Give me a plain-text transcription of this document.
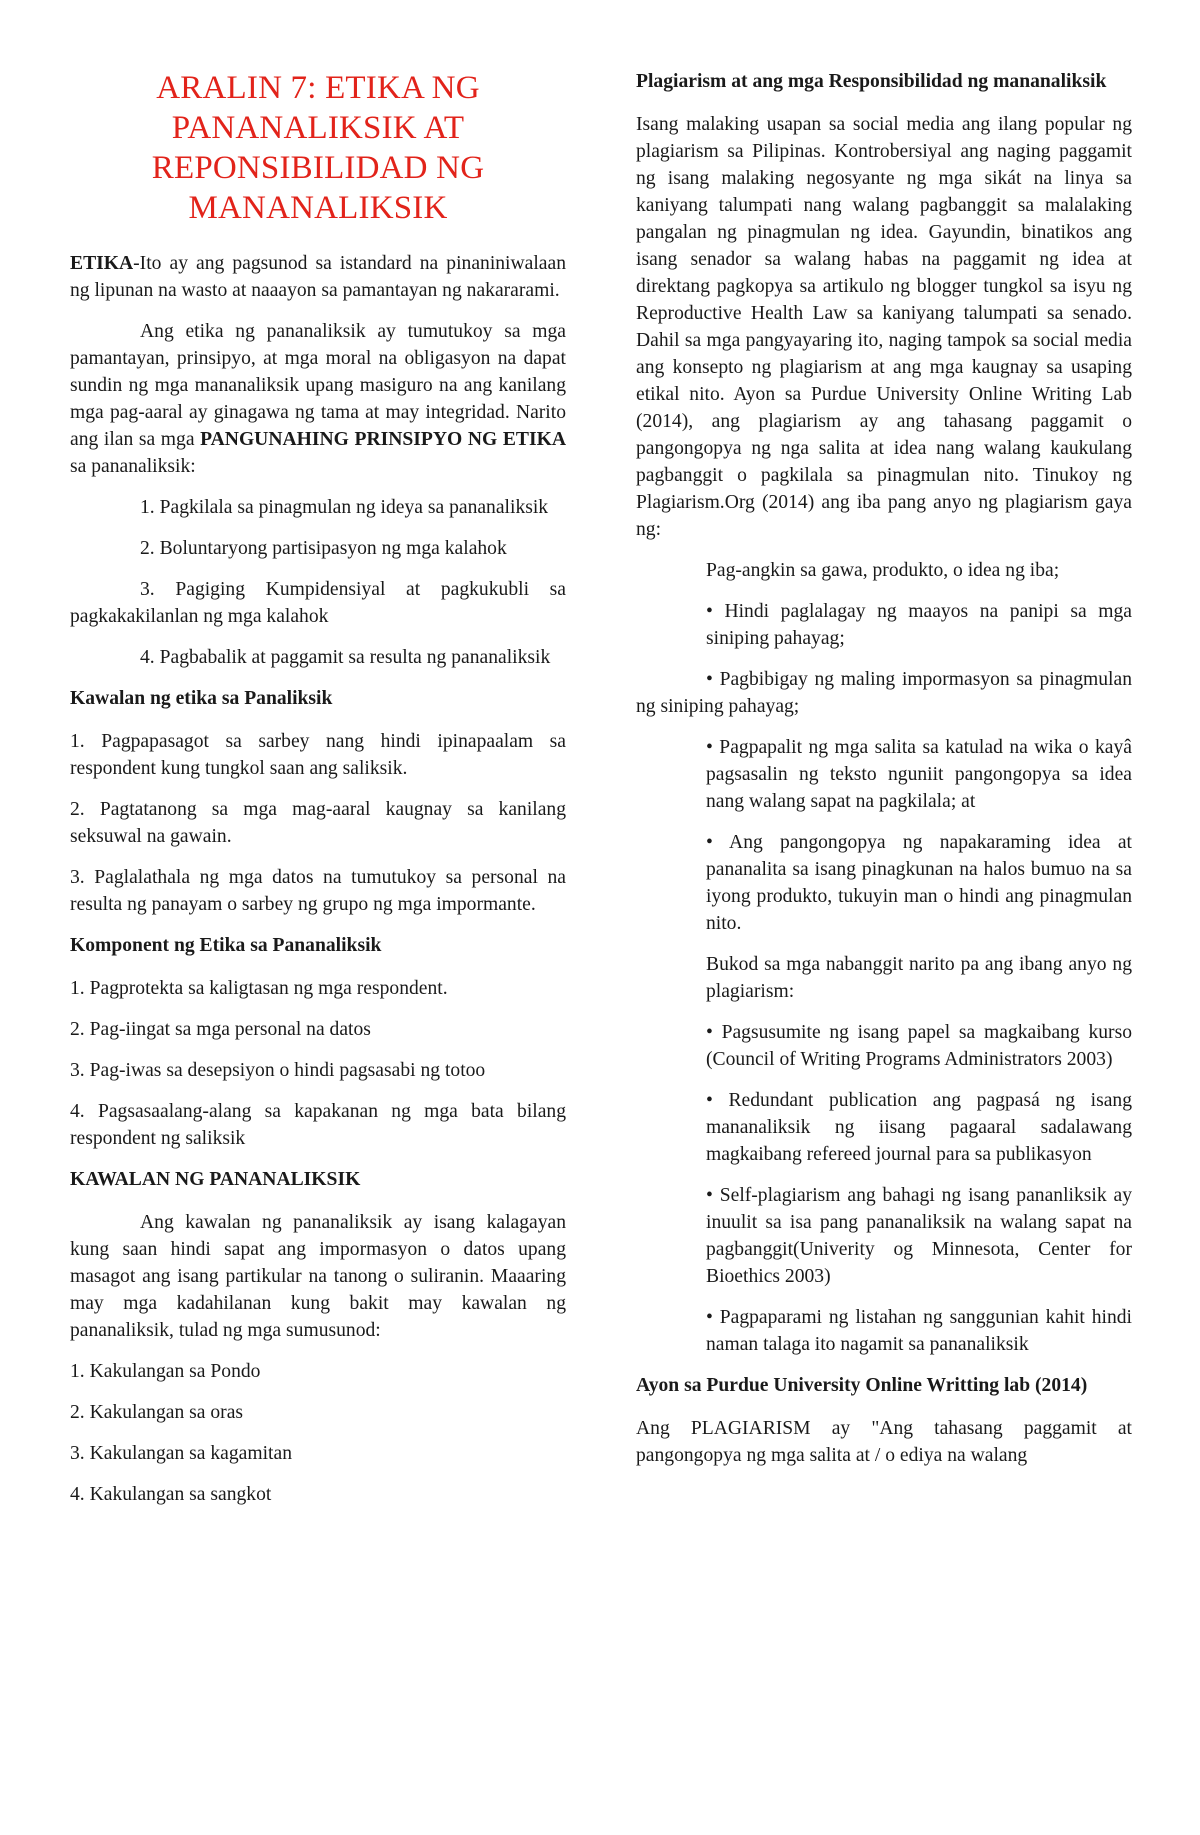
ARALIN 7: ETIKA NG PANANALIKSIK AT REPONSIBILIDAD NG MANANALIKSIK

ETIKA-Ito ay ang pagsunod sa istandard na pinaniniwalaan ng lipunan na wasto at naaayon sa pamantayan ng nakararami.

Ang etika ng pananaliksik ay tumutukoy sa mga pamantayan, prinsipyo, at mga moral na obligasyon na dapat sundin ng mga mananaliksik upang masiguro na ang kanilang mga pag-aaral ay ginagawa ng tama at may integridad. Narito ang ilan sa mga PANGUNAHING PRINSIPYO NG ETIKA sa pananaliksik:

1. Pagkilala sa pinagmulan ng ideya sa pananaliksik

2. Boluntaryong partisipasyon ng mga kalahok

3. Pagiging Kumpidensiyal at pagkukubli sa pagkakakilanlan ng mga kalahok

4. Pagbabalik at paggamit sa resulta ng pananaliksik

Kawalan ng etika sa Panaliksik

1. Pagpapasagot sa sarbey nang hindi ipinapaalam sa respondent kung tungkol saan ang saliksik.

2. Pagtatanong sa mga mag-aaral kaugnay sa kanilang seksuwal na gawain.

3. Paglalathala ng mga datos na tumutukoy sa personal na resulta ng panayam o sarbey ng grupo ng mga impormante.

Komponent ng Etika sa Pananaliksik

1. Pagprotekta sa kaligtasan ng mga respondent.

2. Pag-iingat sa mga personal na datos

3. Pag-iwas sa desepsiyon o hindi pagsasabi ng totoo

4. Pagsasaalang-alang sa kapakanan ng mga bata bilang respondent ng saliksik

KAWALAN NG PANANALIKSIK

Ang kawalan ng pananaliksik ay isang kalagayan kung saan hindi sapat ang impormasyon o datos upang masagot ang isang partikular na tanong o suliranin. Maaaring may mga kadahilanan kung bakit may kawalan ng pananaliksik, tulad ng mga sumusunod:

1. Kakulangan sa Pondo

2. Kakulangan sa oras

3. Kakulangan sa kagamitan

4. Kakulangan sa sangkot

Plagiarism at ang mga Responsibilidad ng mananaliksik

Isang malaking usapan sa social media ang ilang popular ng plagiarism sa Pilipinas. Kontrobersiyal ang naging paggamit ng isang malaking negosyante ng mga sikát na linya sa kaniyang talumpati nang walang pagbanggit sa malalaking pangalan ng pinagmulan ng idea. Gayundin, binatikos ang isang senador sa walang habas na paggamit ng idea at direktang pagkopya sa artikulo ng blogger tungkol sa isyu ng Reproductive Health Law sa kaniyang talumpati sa senado. Dahil sa mga pangyayaring ito, naging tampok sa social media ang konsepto ng plagiarism at ang mga kaugnay sa usaping etikal nito. Ayon sa Purdue University Online Writing Lab (2014), ang plagiarism ay ang tahasang paggamit o pangongopya ng nga salita at idea nang walang kaukulang pagbanggit o pagkilala sa pinagmulan nito. Tinukoy ng Plagiarism.Org (2014) ang iba pang anyo ng plagiarism gaya ng:

Pag-angkin sa gawa, produkto, o idea ng iba;

• Hindi paglalagay ng maayos na panipi sa mga siniping pahayag;

• Pagbibigay ng maling impormasyon sa pinagmulan ng siniping pahayag;

• Pagpapalit ng mga salita sa katulad na wika o kayâ pagsasalin ng teksto nguniit pangongopya sa idea nang walang sapat na pagkilala; at

• Ang pangongopya ng napakaraming idea at pananalita sa isang pinagkunan na halos bumuo na sa iyong produkto, tukuyin man o hindi ang pinagmulan nito.

Bukod sa mga nabanggit narito pa ang ibang anyo ng plagiarism:

• Pagsusumite ng isang papel sa magkaibang kurso (Council of Writing Programs Administrators 2003)

• Redundant publication ang pagpasá ng isang mananaliksik ng iisang pagaaral sadalawang magkaibang refereed journal para sa publikasyon

• Self-plagiarism ang bahagi ng isang pananliksik ay inuulit sa isa pang pananaliksik na walang sapat na pagbanggit(Univerity og Minnesota, Center for Bioethics 2003)

• Pagpaparami ng listahan ng sanggunian kahit hindi naman talaga ito nagamit sa pananaliksik

Ayon sa Purdue University Online Writting lab (2014)

Ang PLAGIARISM ay "Ang tahasang paggamit at pangongopya ng mga salita at / o ediya na walang
